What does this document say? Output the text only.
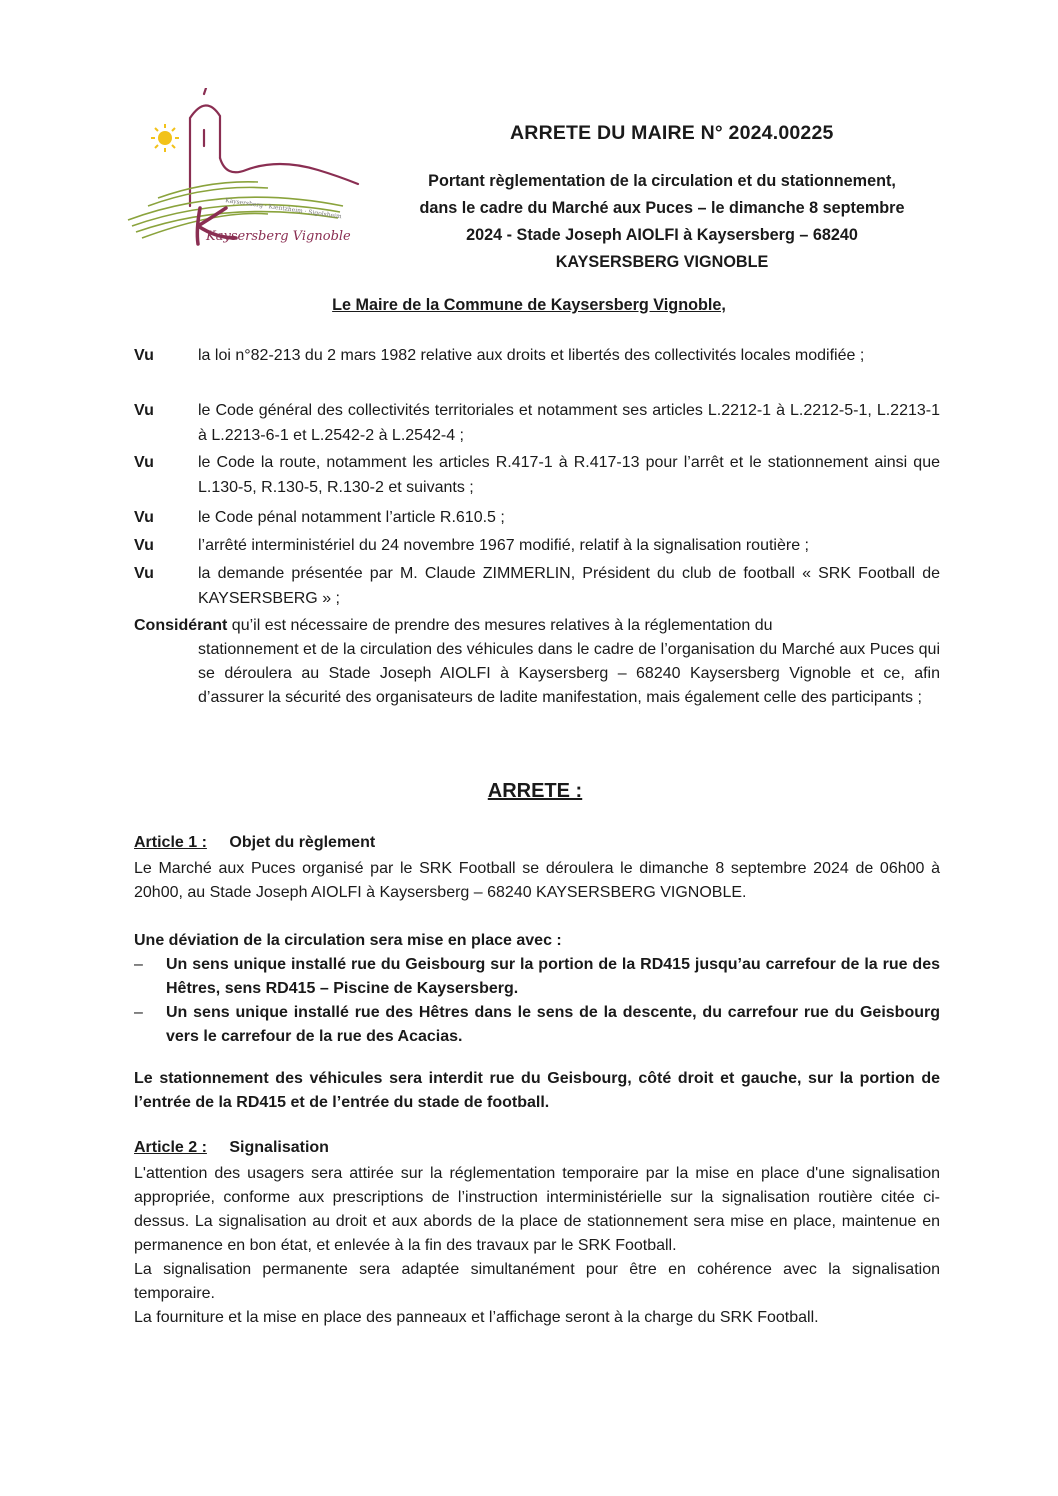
Kaysersberg · Kientzheim · Sigolsheim
Kaysersberg Vignoble
ARRETE DU MAIRE N° 2024.00225
Portant règlementation de la circulation et du stationnement,
dans le cadre du Marché aux Puces – le dimanche 8 septembre
2024 - Stade Joseph AIOLFI à Kaysersberg – 68240
KAYSERSBERG VIGNOBLE
Le Maire de la Commune de Kaysersberg Vignoble,
Vu	la loi n°82-213 du 2 mars 1982 relative aux droits et libertés des collectivités locales modifiée ;
Vu	le Code général des collectivités territoriales et notamment ses articles L.2212-1 à L.2212-5-1, L.2213-1 à L.2213-6-1 et L.2542-2 à L.2542-4 ;
Vu	le Code la route, notamment les articles R.417-1 à R.417-13 pour l’arrêt et le stationnement ainsi que L.130-5, R.130-5, R.130-2 et suivants ;
Vu	le Code pénal notamment l’article R.610.5 ;
Vu	l’arrêté interministériel du 24 novembre 1967 modifié, relatif à la signalisation routière ;
Vu	la demande présentée par M. Claude ZIMMERLIN, Président du club de football « SRK Football de KAYSERSBERG » ;
Considérant qu’il est nécessaire de prendre des mesures relatives à la réglementation du
stationnement et de la circulation des véhicules dans le cadre de l’organisation du Marché aux Puces qui se déroulera au Stade Joseph AIOLFI à Kaysersberg – 68240 Kaysersberg Vignoble et ce, afin d’assurer la sécurité des organisateurs de ladite manifestation, mais également celle des participants ;
ARRETE :
Article 1 : Objet du règlement
Le Marché aux Puces organisé par le SRK Football se déroulera le dimanche 8 septembre 2024 de 06h00 à 20h00, au Stade Joseph AIOLFI à Kaysersberg – 68240 KAYSERSBERG VIGNOBLE.
Une déviation de la circulation sera mise en place avec :
– Un sens unique installé rue du Geisbourg sur la portion de la RD415 jusqu’au carrefour de la rue des Hêtres, sens RD415 – Piscine de Kaysersberg.
– Un sens unique installé rue des Hêtres dans le sens de la descente, du carrefour rue du Geisbourg vers le carrefour de la rue des Acacias.
Le stationnement des véhicules sera interdit rue du Geisbourg, côté droit et gauche, sur la portion de l’entrée de la RD415 et de l’entrée du stade de football.
Article 2 : Signalisation
L'attention des usagers sera attirée sur la réglementation temporaire par la mise en place d'une signalisation appropriée, conforme aux prescriptions de l’instruction interministérielle sur la signalisation routière citée ci-dessus. La signalisation au droit et aux abords de la place de stationnement sera mise en place, maintenue en permanence en bon état, et enlevée à la fin des travaux par le SRK Football.
La signalisation permanente sera adaptée simultanément pour être en cohérence avec la signalisation temporaire.
La fourniture et la mise en place des panneaux et l’affichage seront à la charge du SRK Football.
